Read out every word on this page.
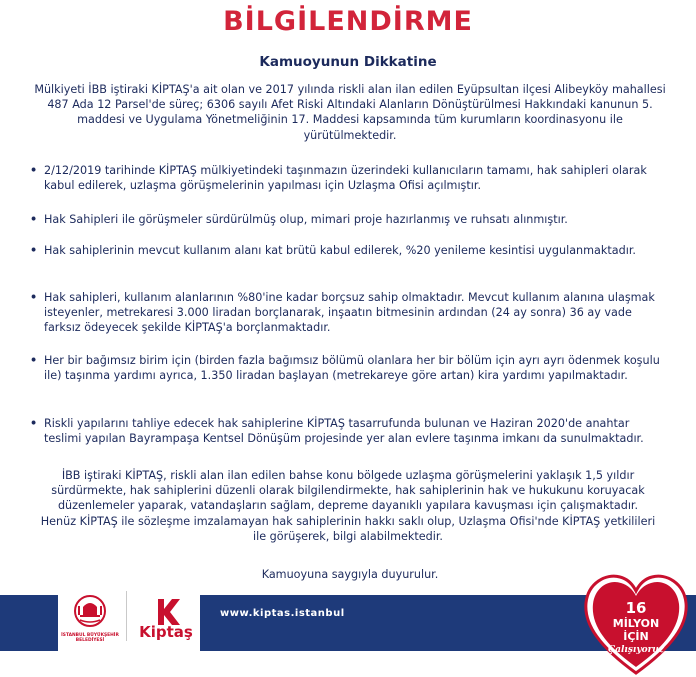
BİLGİLENDİRME
Kamuoyunun Dikkatine
Mülkiyeti İBB iştiraki KİPTAŞ'a ait olan ve 2017 yılında riskli alan ilan edilen Eyüpsultan ilçesi Alibeyköy mahallesi 487 Ada 12 Parsel'de süreç; 6306 sayılı Afet Riski Altındaki Alanların Dönüştürülmesi Hakkındaki kanunun 5. maddesi ve Uygulama Yönetmeliğinin 17. Maddesi kapsamında tüm kurumların koordinasyonu ile yürütülmektedir.
• 2/12/2019 tarihinde KİPTAŞ mülkiyetindeki taşınmazın üzerindeki kullanıcıların tamamı, hak sahipleri olarak kabul edilerek, uzlaşma görüşmelerinin yapılması için Uzlaşma Ofisi açılmıştır.
• Hak Sahipleri ile görüşmeler sürdürülmüş olup, mimari proje hazırlanmış ve ruhsatı alınmıştır.
• Hak sahiplerinin mevcut kullanım alanı kat brütü kabul edilerek, %20 yenileme kesintisi uygulanmaktadır.
• Hak sahipleri, kullanım alanlarının %80'ine kadar borçsuz sahip olmaktadır. Mevcut kullanım alanına ulaşmak isteyenler, metrekaresi 3.000 liradan borçlanarak, inşaatın bitmesinin ardından (24 ay sonra) 36 ay vade farksız ödeyecek şekilde KİPTAŞ'a borçlanmaktadır.
• Her bir bağımsız birim için (birden fazla bağımsız bölümü olanlara her bir bölüm için ayrı ayrı ödenmek koşulu ile) taşınma yardımı ayrıca, 1.350 liradan başlayan (metrekareye göre artan) kira yardımı yapılmaktadır.
• Riskli yapılarını tahliye edecek hak sahiplerine KİPTAŞ tasarrufunda bulunan ve Haziran 2020'de anahtar teslimi yapılan Bayrampaşa Kentsel Dönüşüm projesinde yer alan evlere taşınma imkanı da sunulmaktadır.
İBB iştiraki KİPTAŞ, riskli alan ilan edilen bahse konu bölgede uzlaşma görüşmelerini yaklaşık 1,5 yıldır sürdürmekte, hak sahiplerini düzenli olarak bilgilendirmekte, hak sahiplerinin hak ve hukukunu koruyacak düzenlemeler yaparak, vatandaşların sağlam, depreme dayanıklı yapılara kavuşması için çalışmaktadır. Henüz KİPTAŞ ile sözleşme imzalamayan hak sahiplerinin hakkı saklı olup, Uzlaşma Ofisi'nde KİPTAŞ yetkilileri ile görüşerek, bilgi alabilmektedir.
Kamuoyuna saygıyla duyurulur.
İSTANBUL BÜYÜKŞEHİR BELEDİYESİ	Kiptaş
www.kiptas.istanbul	16
MİLYON
İÇİN
Çalışıyoruz
